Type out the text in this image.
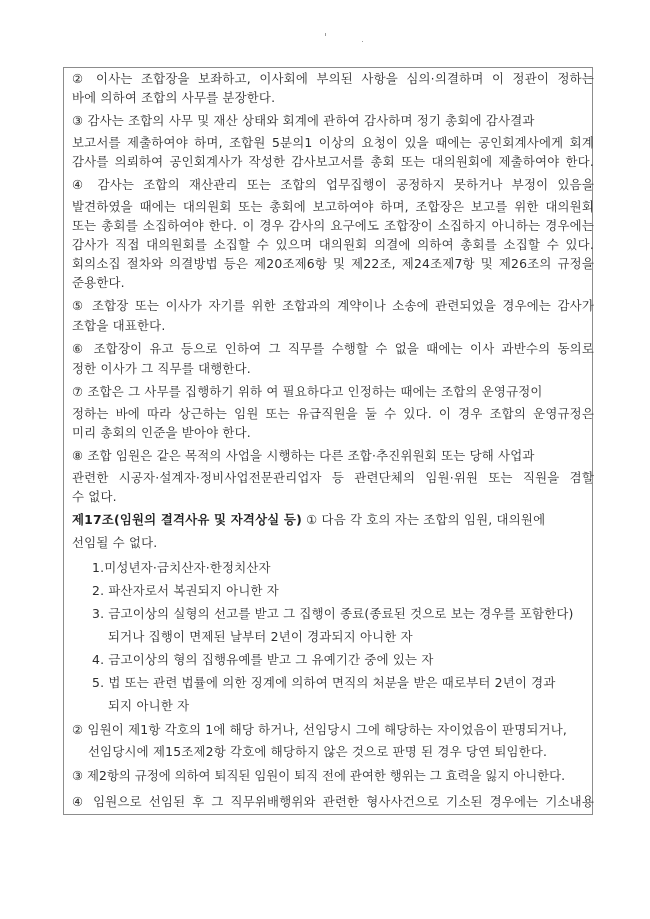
② 이사는 조합장을 보좌하고, 이사회에 부의된 사항을 심의·의결하며 이 정관이 정하는
바에 의하여 조합의 사무를 분장한다.
③ 감사는 조합의 사무 및 재산 상태와 회계에 관하여 감사하며 정기 총회에 감사결과
보고서를 제출하여야 하며, 조합원 5분의1 이상의 요청이 있을 때에는 공인회계사에게 회계
감사를 의뢰하여 공인회계사가 작성한 감사보고서를 총회 또는 대의원회에 제출하여야 한다.
④ 감사는 조합의 재산관리 또는 조합의 업무집행이 공정하지 못하거나 부정이 있음을
발견하였을 때에는 대의원회 또는 총회에 보고하여야 하며, 조합장은 보고를 위한 대의원회
또는 총회를 소집하여야 한다. 이 경우 감사의 요구에도 조합장이 소집하지 아니하는 경우에는
감사가 직접 대의원회를 소집할 수 있으며 대의원회 의결에 의하여 총회를 소집할 수 있다.
회의소집 절차와 의결방법 등은 제20조제6항 및 제22조, 제24조제7항 및 제26조의 규정을
준용한다.
⑤ 조합장 또는 이사가 자기를 위한 조합과의 계약이나 소송에 관련되었을 경우에는 감사가
조합을 대표한다.
⑥ 조합장이 유고 등으로 인하여 그 직무를 수행할 수 없을 때에는 이사 과반수의 동의로
정한 이사가 그 직무를 대행한다.
⑦ 조합은 그 사무를 집행하기 위하 여 필요하다고 인정하는 때에는 조합의 운영규정이
정하는 바에 따라 상근하는 임원 또는 유급직원을 둘 수 있다. 이 경우 조합의 운영규정은
미리 총회의 인준을 받아야 한다.
⑧ 조합 임원은 같은 목적의 사업을 시행하는 다른 조합·추진위원회 또는 당해 사업과
관련한 시공자·설계자·정비사업전문관리업자 등 관련단체의 임원·위원 또는 직원을 겸할
수 없다.
제17조(임원의 결격사유 및 자격상실 등) ① 다음 각 호의 자는 조합의 임원, 대의원에
선임될 수 없다.
1.미성년자·금치산자·한정치산자
2. 파산자로서 복권되지 아니한 자
3. 금고이상의 실형의 선고를 받고 그 집행이 종료(종료된 것으로 보는 경우를 포함한다)
되거나 집행이 면제된 날부터 2년이 경과되지 아니한 자
4. 금고이상의 형의 집행유예를 받고 그 유예기간 중에 있는 자
5. 법 또는 관련 법률에 의한 징계에 의하여 면직의 처분을 받은 때로부터 2년이 경과
되지 아니한 자
② 임원이 제1항 각호의 1에 해당 하거나, 선임당시 그에 해당하는 자이었음이 판명되거나,
선임당시에 제15조제2항 각호에 해당하지 않은 것으로 판명 된 경우 당연 퇴임한다.
③ 제2항의 규정에 의하여 퇴직된 임원이 퇴직 전에 관여한 행위는 그 효력을 잃지 아니한다.
④ 임원으로 선임된 후 그 직무위배행위와 관련한 형사사건으로 기소된 경우에는 기소내용
